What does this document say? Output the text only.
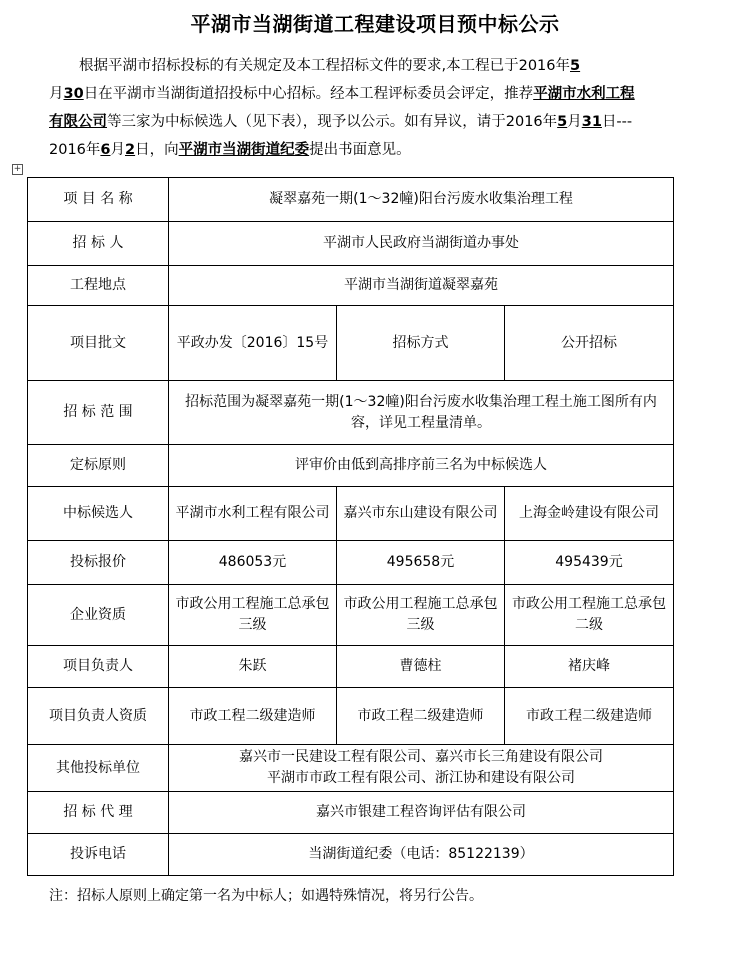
平湖市当湖街道工程建设项目预中标公示
根据平湖市招标投标的有关规定及本工程招标文件的要求,本工程已于2016年5
月30日在平湖市当湖街道招投标中心招标。经本工程评标委员会评定，推荐平湖市水利工程有限公司等三家为中标候选人（见下表），现予以公示。如有异议，请于2016年5月31日--- 2016年6月2日，向平湖市当湖街道纪委提出书面意见。
+
项 目 名 称	凝翠嘉苑一期(1～32幢)阳台污废水收集治理工程		
招 标 人	平湖市人民政府当湖街道办事处		
工程地点	平湖市当湖街道凝翠嘉苑		
项目批文	平政办发〔2016〕15号	招标方式	公开招标
招 标 范 围	招标范围为凝翠嘉苑一期(1～32幢)阳台污废水收集治理工程土施工图所有内容，详见工程量清单。		
定标原则	评审价由低到高排序前三名为中标候选人		
中标候选人	平湖市水利工程有限公司	嘉兴市东山建设有限公司	上海金岭建设有限公司
投标报价	486053元	495658元	495439元
企业资质	市政公用工程施工总承包三级	市政公用工程施工总承包三级	市政公用工程施工总承包二级
项目负责人	朱跃	曹德柱	褚庆峰
项目负责人资质	市政工程二级建造师	市政工程二级建造师	市政工程二级建造师
其他投标单位	嘉兴市一民建设工程有限公司、嘉兴市长三角建设有限公司
平湖市市政工程有限公司、浙江协和建设有限公司		
招 标 代 理	嘉兴市银建工程咨询评估有限公司		
投诉电话	当湖街道纪委（电话：85122139）		
注：招标人原则上确定第一名为中标人；如遇特殊情况，将另行公告。
